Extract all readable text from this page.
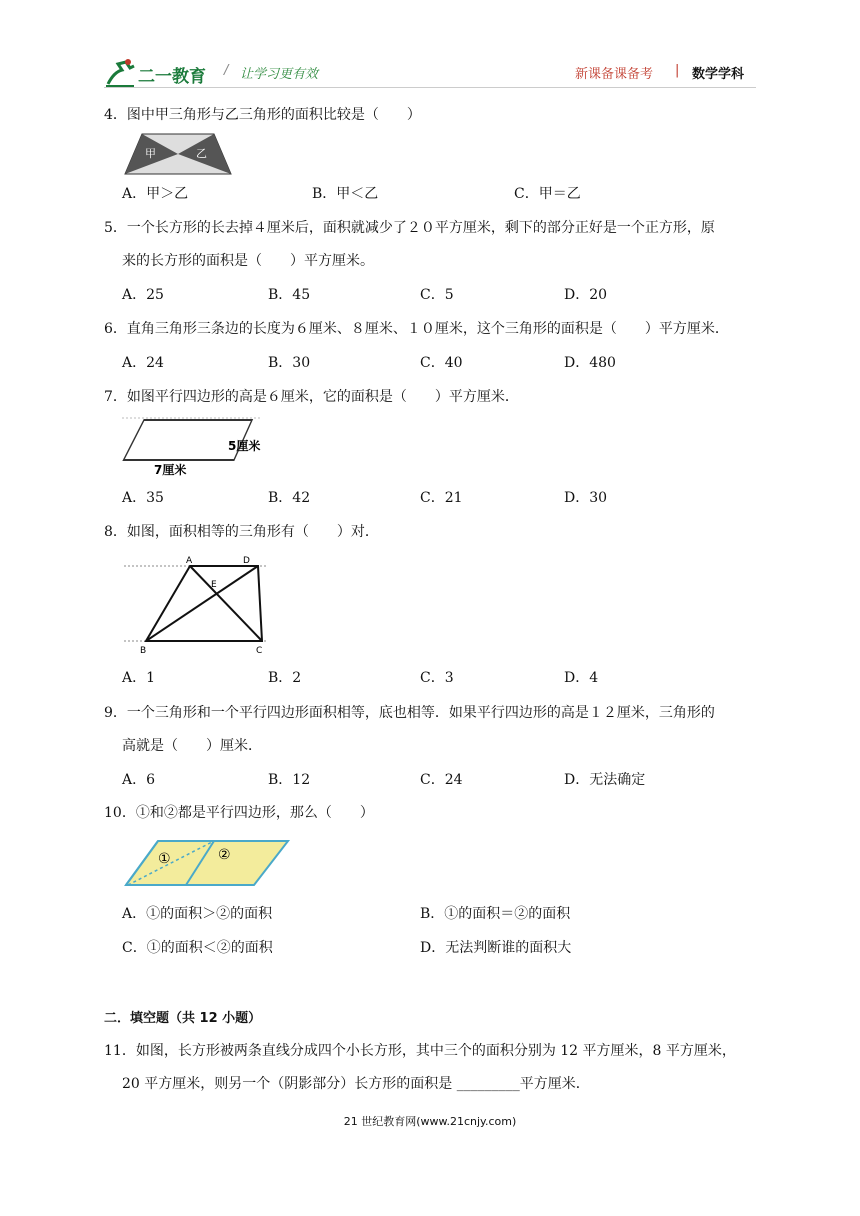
二一教育 / 让学习更有效	新课备课备考 | 数学学科
4．图中甲三角形与乙三角形的面积比较是（　　）
甲	乙
A．甲＞乙	B．甲＜乙	C．甲＝乙
5．一个长方形的长去掉４厘米后，面积就减少了２０平方厘米，剩下的部分正好是一个正方形，原
来的长方形的面积是（　　）平方厘米。
A．25	B．45	C．5	D．20
6．直角三角形三条边的长度为６厘米、８厘米、１０厘米，这个三角形的面积是（　　）平方厘米．
A．24	B．30	C．40	D．480
7．如图平行四边形的高是６厘米，它的面积是（　　）平方厘米．
5厘米
7厘米
A．35	B．42	C．21	D．30
8．如图，面积相等的三角形有（　　）对．
A	D
E
B	C
A．1	B．2	C．3	D．4
9．一个三角形和一个平行四边形面积相等，底也相等．如果平行四边形的高是１２厘米，三角形的
高就是（　　）厘米．
A．6	B．12	C．24	D．无法确定
10．①和②都是平行四边形，那么（　　）
①	②
A．①的面积＞②的面积	B．①的面积＝②的面积
C．①的面积＜②的面积	D．无法判断谁的面积大
二．填空题（共 12 小题）
11．如图，长方形被两条直线分成四个小长方形，其中三个的面积分别为 12 平方厘米，8 平方厘米，
20 平方厘米，则另一个（阴影部分）长方形的面积是 _________平方厘米．
21 世纪教育网(www.21cnjy.com)
